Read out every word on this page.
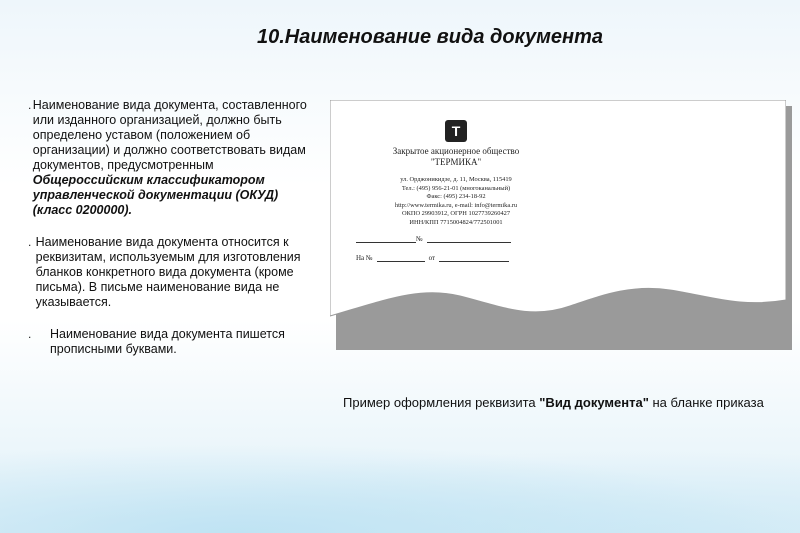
10.Наименование вида документа
. Наименование вида документа, составленного или изданного организацией, должно быть определено уставом (положением об организации) и должно соответствовать видам документов, предусмотренным Общероссийским классификатором управленческой документации (ОКУД) (класс 0200000).
. Наименование вида документа относится к реквизитам, используемым для изготовления бланков конкретного вида документа (кроме письма). В письме наименование вида не указывается.
.	Наименование вида документа пишется прописными буквами.
T
Закрытое акционерное общество
"ТЕРМИКА"
ул. Орджоникидзе, д. 11, Москва, 115419
Тел.: (495) 956-21-01 (многоканальный)
Факс: (495) 234-18-92
http://www.termika.ru, e-mail: info@termika.ru
ОКПО 29903912, ОГРН 1027739260427
ИНН/КПП 7715004824/772501001
№
На №	от
Пример оформления реквизита "Вид документа" на бланке приказа
